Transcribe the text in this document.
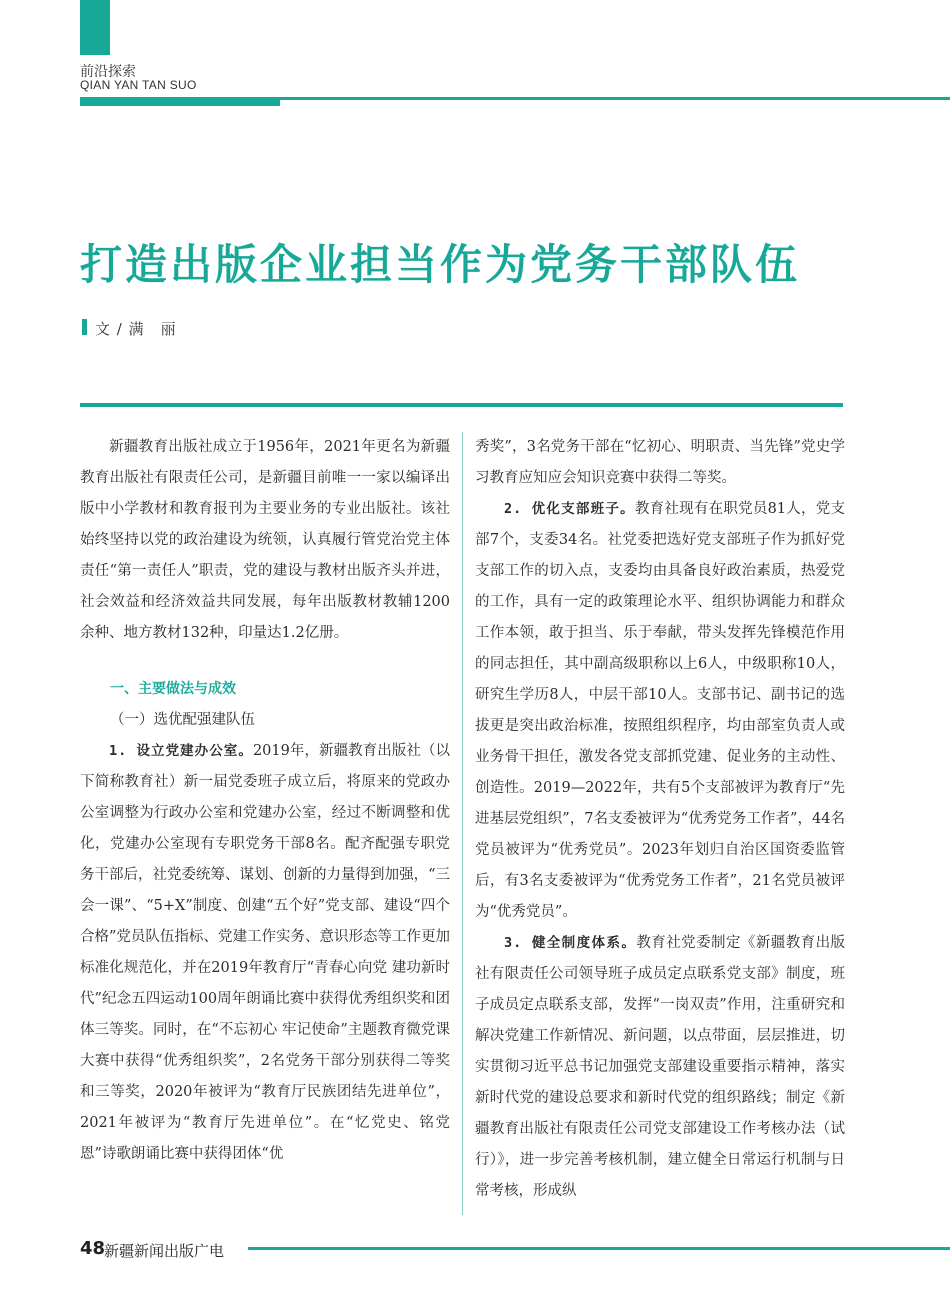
前沿探索
QIAN YAN TAN SUO
打造出版企业担当作为党务干部队伍
文 / 满　丽

新疆教育出版社成立于1956年，2021年更名为新疆教育出版社有限责任公司，是新疆目前唯一一家以编译出版中小学教材和教育报刊为主要业务的专业出版社。该社始终坚持以党的政治建设为统领，认真履行管党治党主体责任“第一责任人”职责，党的建设与教材出版齐头并进，社会效益和经济效益共同发展，每年出版教材教辅1200余种、地方教材132种，印量达1.2亿册。

一、主要做法与成效

（一）选优配强建队伍

1. 设立党建办公室。2019年，新疆教育出版社（以下简称教育社）新一届党委班子成立后，将原来的党政办公室调整为行政办公室和党建办公室，经过不断调整和优化，党建办公室现有专职党务干部8名。配齐配强专职党务干部后，社党委统筹、谋划、创新的力量得到加强，“三会一课”、“5+X”制度、创建“五个好”党支部、建设“四个合格”党员队伍指标、党建工作实务、意识形态等工作更加标准化规范化，并在2019年教育厅“青春心向党 建功新时代”纪念五四运动100周年朗诵比赛中获得优秀组织奖和团体三等奖。同时，在“不忘初心 牢记使命”主题教育微党课大赛中获得“优秀组织奖”，2名党务干部分别获得二等奖和三等奖，2020年被评为“教育厅民族团结先进单位”，2021年被评为“教育厅先进单位”。在“忆党史、铭党恩”诗歌朗诵比赛中获得团体“优

秀奖”，3名党务干部在“忆初心、明职责、当先锋”党史学习教育应知应会知识竞赛中获得二等奖。

2. 优化支部班子。教育社现有在职党员81人，党支部7个，支委34名。社党委把选好党支部班子作为抓好党支部工作的切入点，支委均由具备良好政治素质，热爱党的工作，具有一定的政策理论水平、组织协调能力和群众工作本领，敢于担当、乐于奉献，带头发挥先锋模范作用的同志担任，其中副高级职称以上6人，中级职称10人，研究生学历8人，中层干部10人。支部书记、副书记的选拔更是突出政治标准，按照组织程序，均由部室负责人或业务骨干担任，激发各党支部抓党建、促业务的主动性、创造性。2019—2022年，共有5个支部被评为教育厅“先进基层党组织”，7名支委被评为“优秀党务工作者”，44名党员被评为“优秀党员”。2023年划归自治区国资委监管后，有3名支委被评为“优秀党务工作者”，21名党员被评为“优秀党员”。

3. 健全制度体系。教育社党委制定《新疆教育出版社有限责任公司领导班子成员定点联系党支部》制度，班子成员定点联系支部，发挥“一岗双责”作用，注重研究和解决党建工作新情况、新问题，以点带面，层层推进，切实贯彻习近平总书记加强党支部建设重要指示精神，落实新时代党的建设总要求和新时代党的组织路线；制定《新疆教育出版社有限责任公司党支部建设工作考核办法（试行）》，进一步完善考核机制，建立健全日常运行机制与日常考核，形成纵

48
新疆新闻出版广电
